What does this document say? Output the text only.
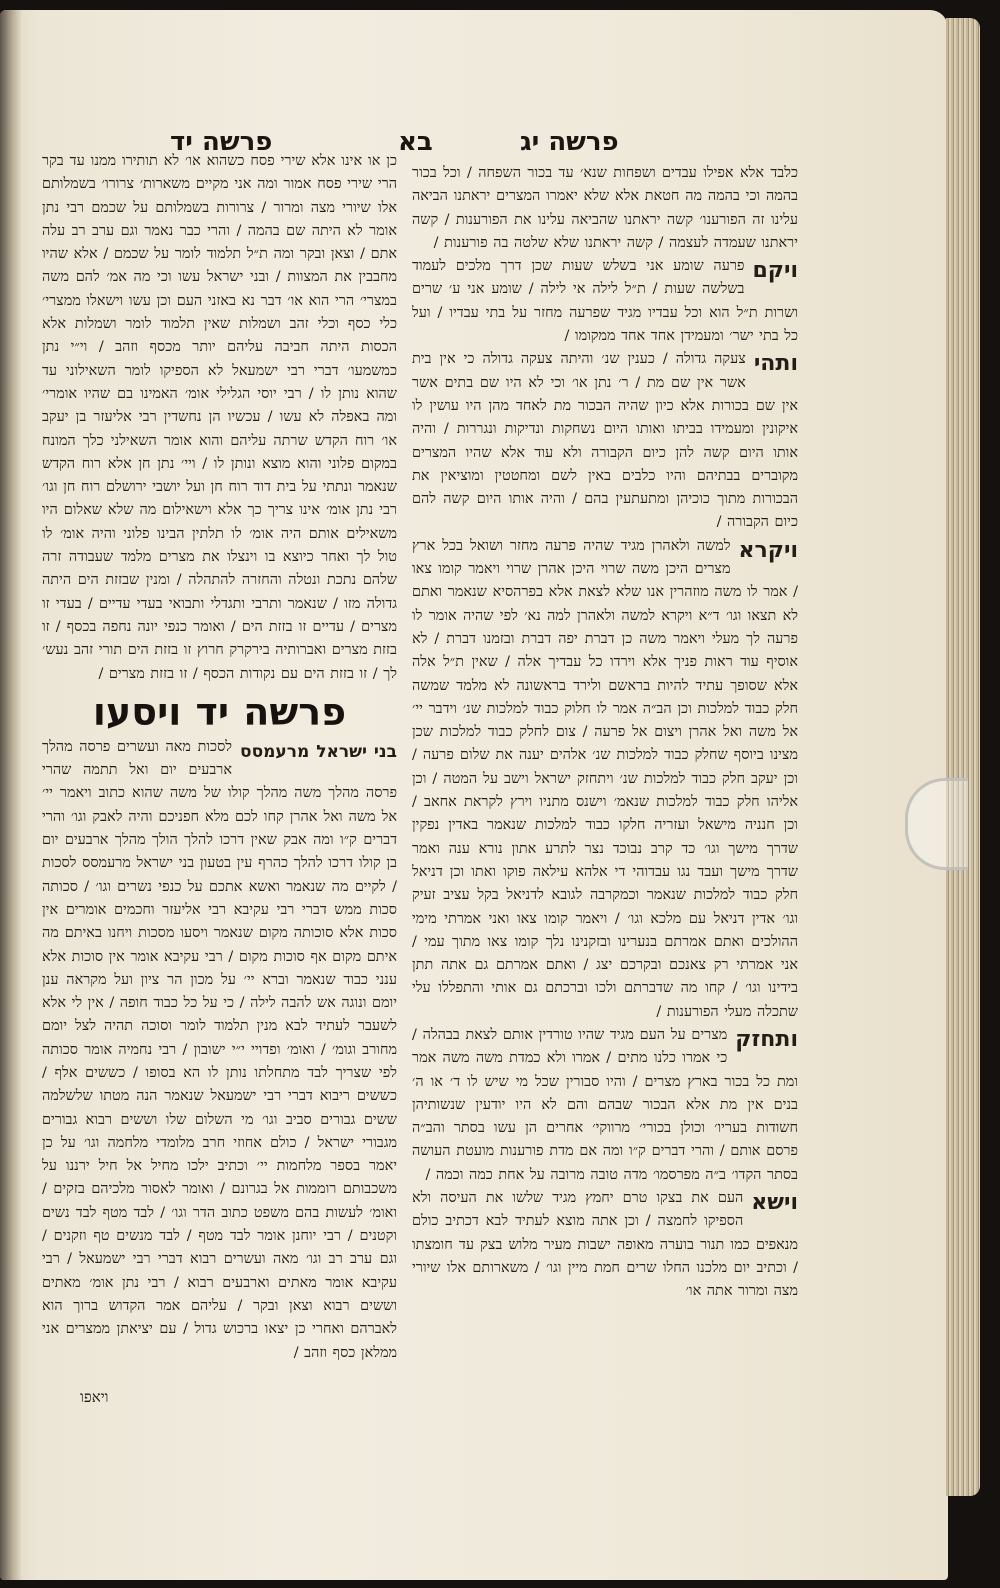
פרשה יד	בא	פרשה יג

כלבד אלא אפילו עבדים ושפחות שנא׳ עד בכור השפחה / וכל בכור בהמה וכי בהמה מה חטאת אלא שלא יאמרו המצרים יראתנו הביאה עלינו זה הפורענו׳ קשה יראתנו שהביאה עלינו את הפורענות / קשה יראתנו שעמדה לעצמה / קשה יראתנו שלא שלטה בה פורענות /

ויקם
פרעה שומע אני בשלש שעות שכן דרך מלכים לעמוד בשלשה שעות / ת״ל לילה אי לילה / שומע אני ע׳ שרים ושרות ת״ל הוא וכל עבדיו מגיד שפרעה מחזר על בתי עבדיו / ועל כל בתי ישר׳ ומעמידן אחד אחד ממקומו /

ותהי
צעקה גדולה / כענין שנ׳ והיתה צעקה גדולה כי אין בית אשר אין שם מת / ר׳ נתן או׳ וכי לא היו שם בתים אשר אין שם בכורות אלא כיון שהיה הבכור מת לאחד מהן היו עושין לו איקונין ומעמידו בביתו ואותו היום נשחקות ונדיקות ונגררות / והיה אותו היום קשה להן כיום הקבורה ולא עוד אלא שהיו המצרים מקוברים בבתיהם והיו כלבים באין לשם ומחטטין ומוציאין את הבכורות מתוך כוכיהן ומתעתעין בהם / והיה אותו היום קשה להם כיום הקבורה /

ויקרא
למשה ולאהרן מגיד שהיה פרעה מחזר ושואל בכל ארץ מצרים היכן משה שרוי היכן אהרן שרוי ויאמר קומו צאו / אמר לו משה מוזהרין אנו שלא לצאת אלא בפרהסיא שנאמר ואתם לא תצאו וגו׳ ד״א ויקרא למשה ולאהרן למה נא׳ לפי שהיה אומר לו פרעה לך מעלי ויאמר משה כן דברת יפה דברת ובזמנו דברת / לא אוסיף עוד ראות פניך אלא וירדו כל עבדיך אלה / שאין ת״ל אלה אלא שסופך עתיד להיות בראשם ולירד בראשונה לא מלמד שמשה חלק כבוד למלכות וכן הב״ה אמר לו חלוק כבוד למלכות שנ׳ וידבר יי׳ אל משה ואל אהרן ויצום אל פרעה / צום לחלק כבוד למלכות שכן מצינו ביוסף שחלק כבוד למלכות שנ׳ אלהים יענה את שלום פרעה / וכן יעקב חלק כבוד למלכות שנ׳ ויתחזק ישראל וישב על המטה / וכן אליהו חלק כבוד למלכות שנאמ׳ וישנס מתניו וירץ לקראת אחאב / וכן חנניה מישאל ועזריה חלקו כבוד למלכות שנאמר באדין נפקין שדרך מישך וגו׳ כד קרב נבוכד נצר לתרע אתון נורא ענה ואמר שדרך מישך ועבד נגו עבדוהי די אלהא עילאה פוקו ואתו וכן דניאל חלק כבוד למלכות שנאמר וכמקרבה לגובא לדניאל בקל עציב זעיק וגו׳ אדין דניאל עם מלכא וגו׳ / ויאמר קומו צאו ואני אמרתי מימי ההולכים ואתם אמרתם בנערינו ובזקנינו נלך קומו צאו מתוך עמי / אני אמרתי רק צאנכם ובקרכם יצג / ואתם אמרתם גם אתה תתן בידינו וגו׳ / קחו מה שדברתם ולכו וברכתם גם אותי והתפללו עלי שתכלה מעלי הפורענות /

ותחזק
מצרים על העם מגיד שהיו טורדין אותם לצאת בבהלה / כי אמרו כלנו מתים / אמרו ולא כמדת משה משה אמר ומת כל בכור בארץ מצרים / והיו סבורין שכל מי שיש לו ד׳ או ה׳ בנים אין מת אלא הבכור שבהם והם לא היו יודעין שנשותיהן חשודות בעריו׳ וכולן בכורי׳ מרווקי׳ אחרים הן עשו בסתר והב״ה פרסם אותם / והרי דברים ק״ו ומה אם מדת פורענות מועטת העושה בסתר הקדו׳ ב״ה מפרסמו׳ מדה טובה מרובה על אחת כמה וכמה /

וישא
העם את בצקו טרם יחמץ מגיד שלשו את העיסה ולא הספיקו לחמצה / וכן אתה מוצא לעתיד לבא דכתיב כולם מנאפים כמו תנור בוערה מאופה ישבות מעיר מלוש בצק עד חומצתו / וכתיב יום מלכנו החלו שרים חמת מיין וגו׳ / משארותם אלו שיורי מצה ומרור אתה או׳

כן או אינו אלא שירי פסח כשהוא או׳ לא תותירו ממנו עד בקר הרי שירי פסח אמור ומה אני מקיים משארות׳ צרורו׳ בשמלותם אלו שיורי מצה ומרור / צרורות בשמלותם על שכמם רבי נתן אומר לא היתה שם בהמה / והרי כבר נאמר וגם ערב רב עלה אתם / וצאן ובקר ומה ת״ל תלמוד לומר על שכמם / אלא שהיו מחבבין את המצוות / ובני ישראל עשו וכי מה אמ׳ להם משה במצרי׳ הרי הוא או׳ דבר נא באזני העם וכן עשו וישאלו ממצרי׳ כלי כסף וכלי זהב ושמלות שאין תלמוד לומר ושמלות אלא הכסות היתה חביבה עליהם יותר מכסף וזהב / וי״י נתן כמשמעו׳ דברי רבי ישמעאל לא הספיקו לומר השאילוני עד שהוא נותן לו / רבי יוסי הגלילי אומ׳ האמינו בם שהיו אומרי׳ ומה באפלה לא עשו / עכשיו הן נחשדין רבי אליעזר בן יעקב או׳ רוח הקדש שרתה עליהם והוא אומר השאילני כלך המונח במקום פלוני והוא מוצא ונותן לו / ויי׳ נתן חן אלא רוח הקדש שנאמר ונתתי על בית דוד רוח חן ועל יושבי ירושלם רוח חן וגו׳ רבי נתן אומ׳ אינו צריך כך אלא וישאילום מה שלא שאלום היו משאילים אותם היה אומ׳ לו תלתין הבינו פלוני והיה אומ׳ לו טול לך ואחר כיוצא בו וינצלו את מצרים מלמד שעבודה זרה שלהם נתכת ונטלה והחזרה להתהלה / ומנין שבזזת הים היתה גדולה מזו / שנאמר ותרבי ותגדלי ותבואי בעדי עדיים / בעדי זו מצרים / עדיים זו בזזת הים / ואומר כנפי יונה נחפה בכסף / זו בזזת מצרים ואברותיה בירקרק חרוץ זו בזזת הים תורי זהב נעש׳ לך / זו בזזת הים עם נקודות הכסף / זו בזזת מצרים /

פרשה יד ויסעו

בני ישראל מרעמסס
לסכות מאה ועשרים פרסה מהלך ארבעים יום ואל תתמה שהרי פרסה מהלך משה מהלך קולו של משה שהוא כתוב ויאמר יי׳ אל משה ואל אהרן קחו לכם מלא חפניכם והיה לאבק וגו׳ והרי דברים ק״ו ומה אבק שאין דרכו להלך הולך מהלך ארבעים יום בן קולו דרכו להלך כהרף עין בטעון בני ישראל מרעמסס לסכות / לקיים מה שנאמר ואשא אתכם על כנפי נשרים וגו׳ / סכותה סכות ממש דברי רבי עקיבא רבי אליעזר וחכמים אומרים אין סכות אלא סוכותה מקום שנאמר ויסעו מסכות ויחנו באיתם מה איתם מקום אף סוכות מקום / רבי עקיבא אומר אין סוכות אלא ענני כבוד שנאמר וברא יי׳ על מכון הר ציון ועל מקראה ענן יומם ונוגה אש להבה לילה / כי על כל כבוד חופה / אין לי אלא לשעבר לעתיד לבא מנין תלמוד לומר וסוכה תהיה לצל יומם מחורב וגומ׳ / ואומ׳ ופדויי י״י ישובון / רבי נחמיה אומר סכותה לפי שצריך לבד מתחלתו נותן לו הא בסופו / כששים אלף / כששים ריבוא דברי רבי ישמעאל שנאמר הנה מטתו שלשלמה ששים גבורים סביב וגו׳ מי השלום שלו וששים רבוא גבורים מגבורי ישראל / כולם אחוזי חרב מלומדי מלחמה וגו׳ על כן יאמר בספר מלחמות יי׳ וכתיב ילכו מחיל אל חיל ירננו על משכבותם רוממות אל בגרונם / ואומר לאסור מלכיהם בזקים / ואומ׳ לעשות בהם משפט כתוב הדר וגו׳ / לבד מטף לבד נשים וקטנים / רבי יוחנן אומר לבד מטף / לבד מנשים טף וזקנים / וגם ערב רב וגו׳ מאה ועשרים רבוא דברי רבי ישמעאל / רבי עקיבא אומר מאתים וארבעים רבוא / רבי נתן אומ׳ מאתים וששים רבוא וצאן ובקר / עליהם אמר הקדוש ברוך הוא לאברהם ואחרי כן יצאו ברכוש גדול / עם יציאתן ממצרים אני ממלאן כסף וזהב /

ויאפו
